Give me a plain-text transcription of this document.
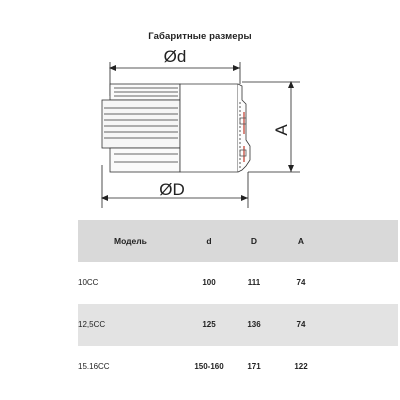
Габаритные размеры
Ød
ØD
A
Модель	d	D	A
10СС	100	111	74
12,5СС	125	136	74
15.16СС	150-160	171	122
